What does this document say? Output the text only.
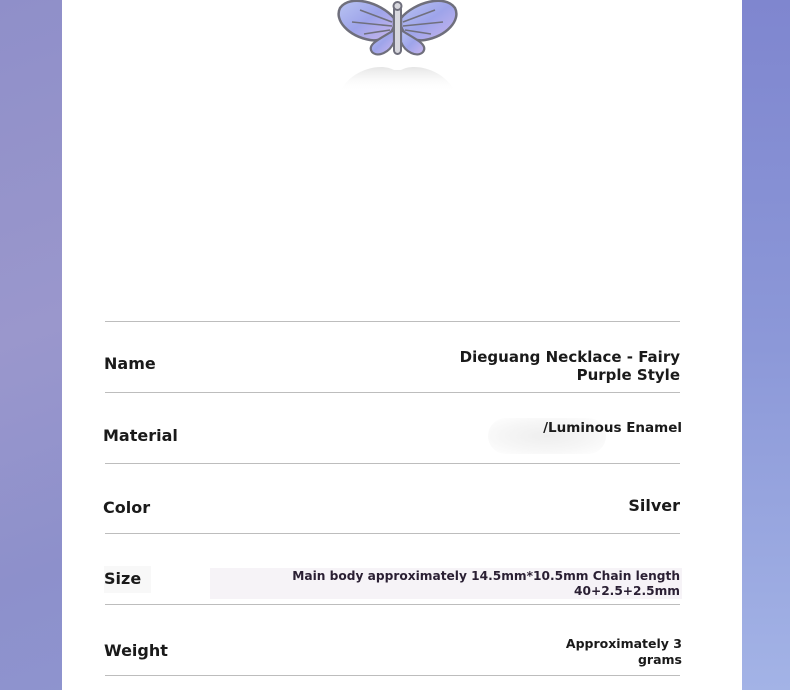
Name	Dieguang Necklace - Fairy Purple Style
Material	/Luminous Enamel
Color	Silver
Size	Main body approximately 14.5mm*10.5mm Chain length 40+2.5+2.5mm
Weight	Approximately 3 grams
